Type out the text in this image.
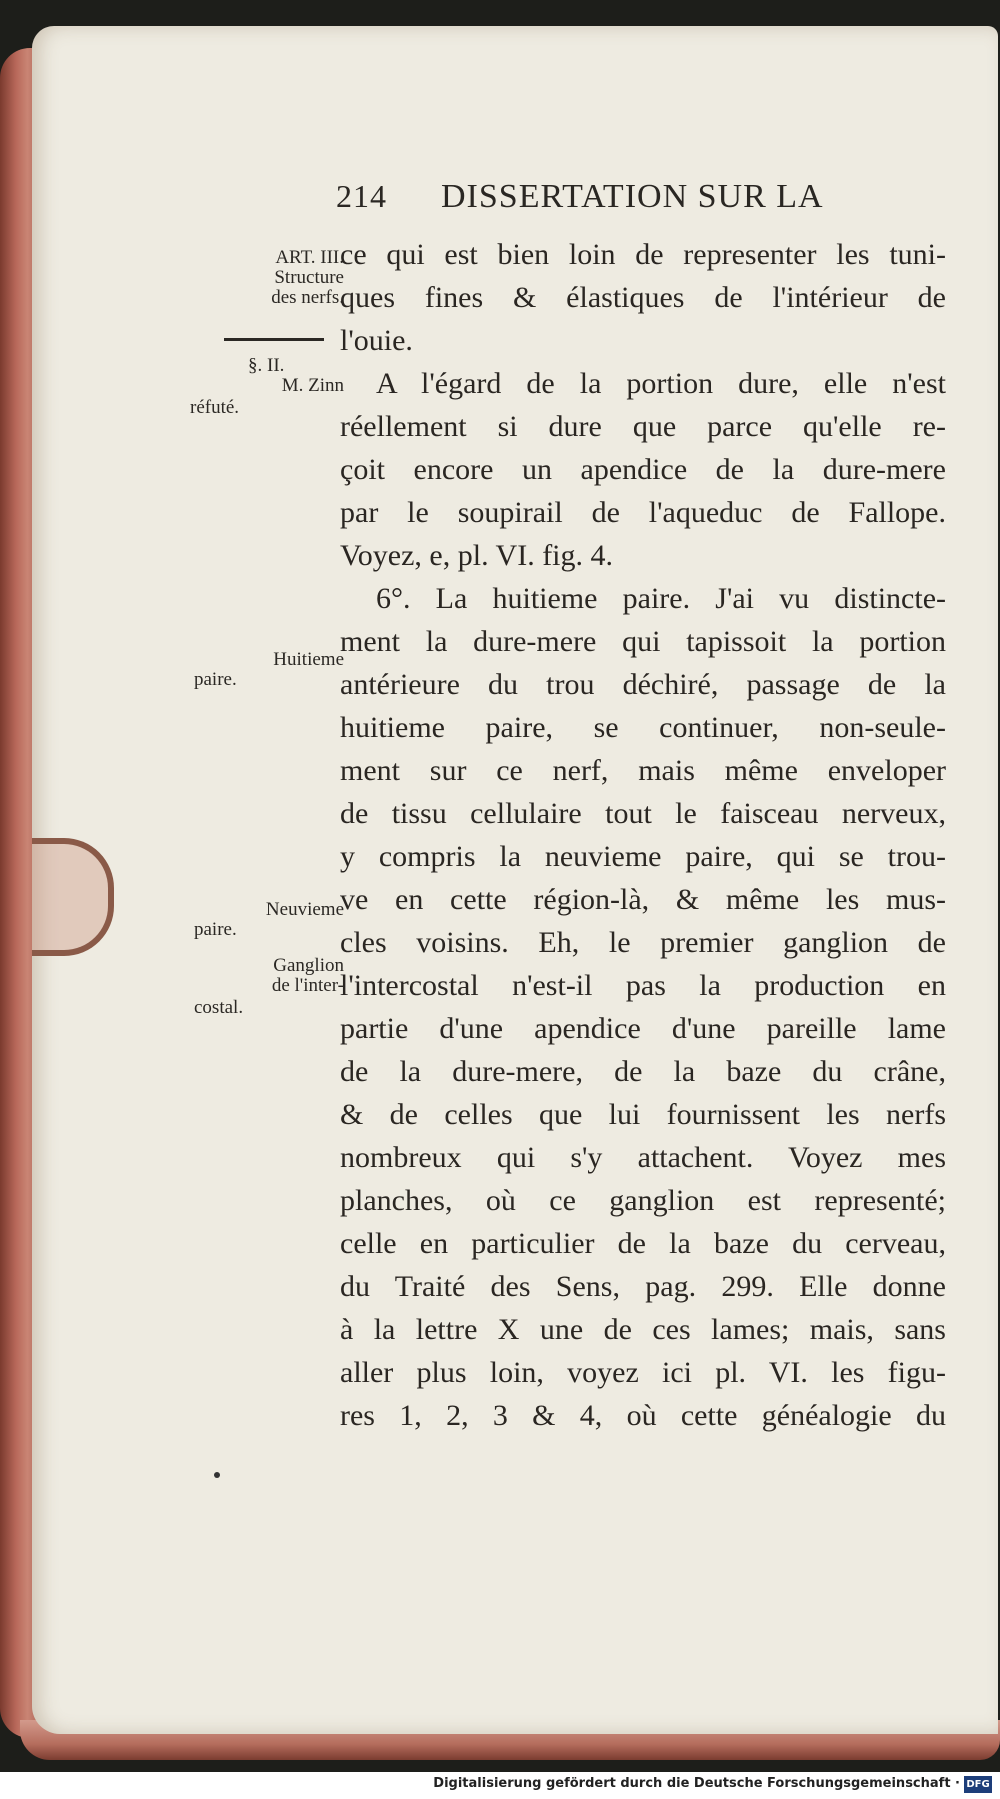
214 DISSERTATION SUR LA
ART. III.
Structure
des nerfs.
§. II.
M. Zinn
réfuté.
Huitieme
paire.
Neuvieme
paire.
Ganglion
de l'inter-
costal.
ce qui est bien loin de representer les tuni-
ques fines & élastiques de l'intérieur de
l'ouie.
A l'égard de la portion dure, elle n'est
réellement si dure que parce qu'elle re-
çoit encore un apendice de la dure-mere
par le soupirail de l'aqueduc de Fallope.
Voyez, e, pl. VI. fig. 4.
6°. La huitieme paire. J'ai vu distincte-
ment la dure-mere qui tapissoit la portion
antérieure du trou déchiré, passage de la
huitieme paire, se continuer, non-seule-
ment sur ce nerf, mais même enveloper
de tissu cellulaire tout le faisceau nerveux,
y compris la neuvieme paire, qui se trou-
ve en cette région-là, & même les mus-
cles voisins. Eh, le premier ganglion de
l'intercostal n'est-il pas la production en
partie d'une apendice d'une pareille lame
de la dure-mere, de la baze du crâne,
& de celles que lui fournissent les nerfs
nombreux qui s'y attachent. Voyez mes
planches, où ce ganglion est representé;
celle en particulier de la baze du cerveau,
du Traité des Sens, pag. 299. Elle donne
à la lettre X une de ces lames; mais, sans
aller plus loin, voyez ici pl. VI. les figu-
res 1, 2, 3 & 4, où cette généalogie du
Digitalisierung gefördert durch die Deutsche Forschungsgemeinschaft · DFG
